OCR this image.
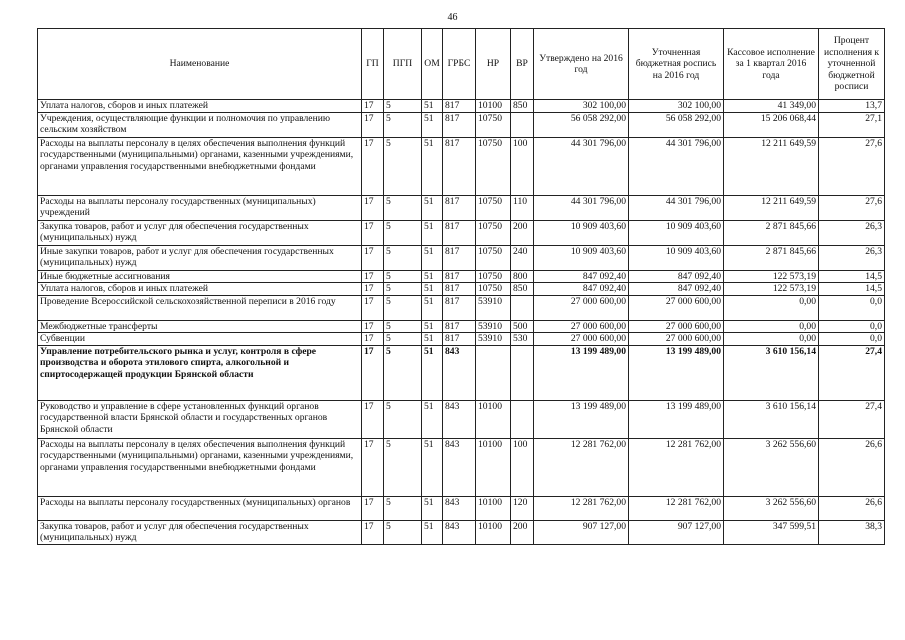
46
Наименование	ГП	ПГП	ОМ	ГРБС	НР	ВР	Утверждено на 2016 год	Уточненная бюджетная роспись на 2016 год	Кассовое исполнение за 1 квартал 2016 года	Процент исполнения к уточненной бюджетной росписи
Уплата налогов, сборов и иных платежей	17	5	51	817	10100	850	302 100,00	302 100,00	41 349,00	13,7
Учреждения, осуществляющие функции и полномочия по управлению сельским хозяйством	17	5	51	817	10750		56 058 292,00	56 058 292,00	15 206 068,44	27,1
Расходы на выплаты персоналу в целях обеспечения выполнения функций государственными (муниципальными) органами, казенными учреждениями, органами управления государственными внебюджетными фондами	17	5	51	817	10750	100	44 301 796,00	44 301 796,00	12 211 649,59	27,6
Расходы на выплаты персоналу государственных (муниципальных) учреждений	17	5	51	817	10750	110	44 301 796,00	44 301 796,00	12 211 649,59	27,6
Закупка товаров, работ и услуг для обеспечения государственных (муниципальных) нужд	17	5	51	817	10750	200	10 909 403,60	10 909 403,60	2 871 845,66	26,3
Иные закупки товаров, работ и услуг для обеспечения государственных (муниципальных) нужд	17	5	51	817	10750	240	10 909 403,60	10 909 403,60	2 871 845,66	26,3
Иные бюджетные ассигнования	17	5	51	817	10750	800	847 092,40	847 092,40	122 573,19	14,5
Уплата налогов, сборов и иных платежей	17	5	51	817	10750	850	847 092,40	847 092,40	122 573,19	14,5
Проведение Всероссийской сельскохозяйственной переписи в 2016 году	17	5	51	817	53910		27 000 600,00	27 000 600,00	0,00	0,0
Межбюджетные трансферты	17	5	51	817	53910	500	27 000 600,00	27 000 600,00	0,00	0,0
Субвенции	17	5	51	817	53910	530	27 000 600,00	27 000 600,00	0,00	0,0
Управление потребительского рынка и услуг, контроля в сфере производства и оборота этилового спирта, алкогольной и спиртосодержащей продукции Брянской области	17	5	51	843			13 199 489,00	13 199 489,00	3 610 156,14	27,4
Руководство и управление в сфере установленных функций органов государственной власти Брянской области и государственных органов Брянской области	17	5	51	843	10100		13 199 489,00	13 199 489,00	3 610 156,14	27,4
Расходы на выплаты персоналу в целях обеспечения выполнения функций государственными (муниципальными) органами, казенными учреждениями, органами управления государственными внебюджетными фондами	17	5	51	843	10100	100	12 281 762,00	12 281 762,00	3 262 556,60	26,6
Расходы на выплаты персоналу государственных (муниципальных) органов	17	5	51	843	10100	120	12 281 762,00	12 281 762,00	3 262 556,60	26,6
Закупка товаров, работ и услуг для обеспечения государственных (муниципальных) нужд	17	5	51	843	10100	200	907 127,00	907 127,00	347 599,51	38,3
